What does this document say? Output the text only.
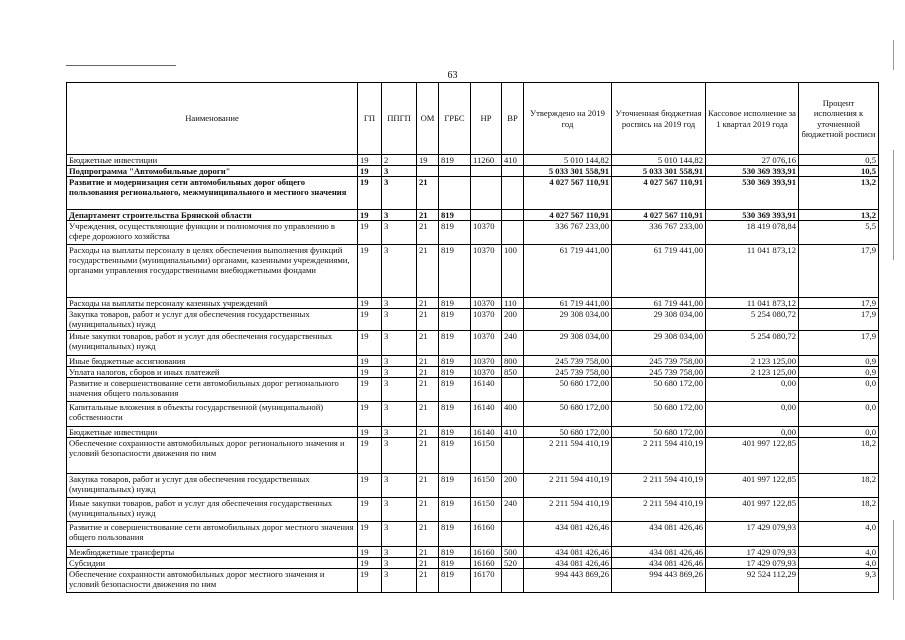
63
Наименование	ГП	ППГП	ОМ	ГРБС	НР	ВР	Утверждено на 2019 год	Уточненная бюджетная роспись на 2019 год	Кассовое исполнение за 1 квартал 2019 года	Процент исполнения к уточненной бюджетной росписи
Бюджетные инвестиции	19	2	19	819	11260	410	5 010 144,82	5 010 144,82	27 076,16	0,5
Подпрограмма "Автомобильные дороги"	19	3					5 033 301 558,91	5 033 301 558,91	530 369 393,91	10,5
Развитие и модернизация сети автомобильных дорог общего пользования регионального, межмуниципального и местного значения	19	3	21				4 027 567 110,91	4 027 567 110,91	530 369 393,91	13,2
Департамент строительства Брянской области	19	3	21	819			4 027 567 110,91	4 027 567 110,91	530 369 393,91	13,2
Учреждения, осуществляющие функции и полномочия по управлению в сфере дорожного хозяйства	19	3	21	819	10370		336 767 233,00	336 767 233,00	18 419 078,84	5,5
Расходы на выплаты персоналу в целях обеспечения выполнения функций государственными (муниципальными) органами, казенными учреждениями, органами управления государственными внебюджетными фондами	19	3	21	819	10370	100	61 719 441,00	61 719 441,00	11 041 873,12	17,9
Расходы на выплаты персоналу казенных учреждений	19	3	21	819	10370	110	61 719 441,00	61 719 441,00	11 041 873,12	17,9
Закупка товаров, работ и услуг для обеспечения государственных (муниципальных) нужд	19	3	21	819	10370	200	29 308 034,00	29 308 034,00	5 254 080,72	17,9
Иные закупки товаров, работ и услуг для обеспечения государственных (муниципальных) нужд	19	3	21	819	10370	240	29 308 034,00	29 308 034,00	5 254 080,72	17,9
Иные бюджетные ассигнования	19	3	21	819	10370	800	245 739 758,00	245 739 758,00	2 123 125,00	0,9
Уплата налогов, сборов и иных платежей	19	3	21	819	10370	850	245 739 758,00	245 739 758,00	2 123 125,00	0,9
Развитие и совершенствование сети автомобильных дорог регионального значения общего пользования	19	3	21	819	16140		50 680 172,00	50 680 172,00	0,00	0,0
Капитальные вложения в объекты государственной (муниципальной) собственности	19	3	21	819	16140	400	50 680 172,00	50 680 172,00	0,00	0,0
Бюджетные инвестиции	19	3	21	819	16140	410	50 680 172,00	50 680 172,00	0,00	0,0
Обеспечение сохранности автомобильных дорог регионального значения и условий безопасности движения по ним	19	3	21	819	16150		2 211 594 410,19	2 211 594 410,19	401 997 122,85	18,2
Закупка товаров, работ и услуг для обеспечения государственных (муниципальных) нужд	19	3	21	819	16150	200	2 211 594 410,19	2 211 594 410,19	401 997 122,85	18,2
Иные закупки товаров, работ и услуг для обеспечения государственных (муниципальных) нужд	19	3	21	819	16150	240	2 211 594 410,19	2 211 594 410,19	401 997 122,85	18,2
Развитие и совершенствование сети автомобильных дорог местного значения общего пользования	19	3	21	819	16160		434 081 426,46	434 081 426,46	17 429 079,93	4,0
Межбюджетные трансферты	19	3	21	819	16160	500	434 081 426,46	434 081 426,46	17 429 079,93	4,0
Субсидии	19	3	21	819	16160	520	434 081 426,46	434 081 426,46	17 429 079,93	4,0
Обеспечение сохранности автомобильных дорог местного значения и условий безопасности движения по ним	19	3	21	819	16170		994 443 869,26	994 443 869,26	92 524 112,29	9,3
